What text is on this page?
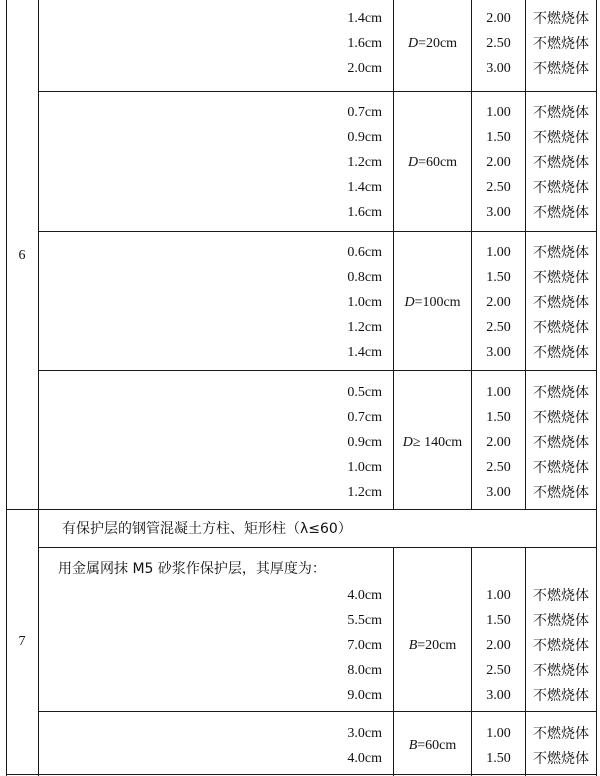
6
7
有保护层的钢管混凝土方柱、矩形柱（λ≤60）
用金属网抹 M5 砂浆作保护层，其厚度为：
1.4cm
1.6cm
2.0cm
D=20cm
2.00
2.50
3.00
不燃烧体
不燃烧体
不燃烧体
0.7cm
0.9cm
1.2cm
1.4cm
1.6cm
D=60cm
1.00
1.50
2.00
2.50
3.00
不燃烧体
不燃烧体
不燃烧体
不燃烧体
不燃烧体
0.6cm
0.8cm
1.0cm
1.2cm
1.4cm
D=100cm
1.00
1.50
2.00
2.50
3.00
不燃烧体
不燃烧体
不燃烧体
不燃烧体
不燃烧体
0.5cm
0.7cm
0.9cm
1.0cm
1.2cm
D≥ 140cm
1.00
1.50
2.00
2.50
3.00
不燃烧体
不燃烧体
不燃烧体
不燃烧体
不燃烧体
4.0cm
5.5cm
7.0cm
8.0cm
9.0cm
B=20cm
1.00
1.50
2.00
2.50
3.00
不燃烧体
不燃烧体
不燃烧体
不燃烧体
不燃烧体
3.0cm
4.0cm
B=60cm
1.00
1.50
不燃烧体
不燃烧体
